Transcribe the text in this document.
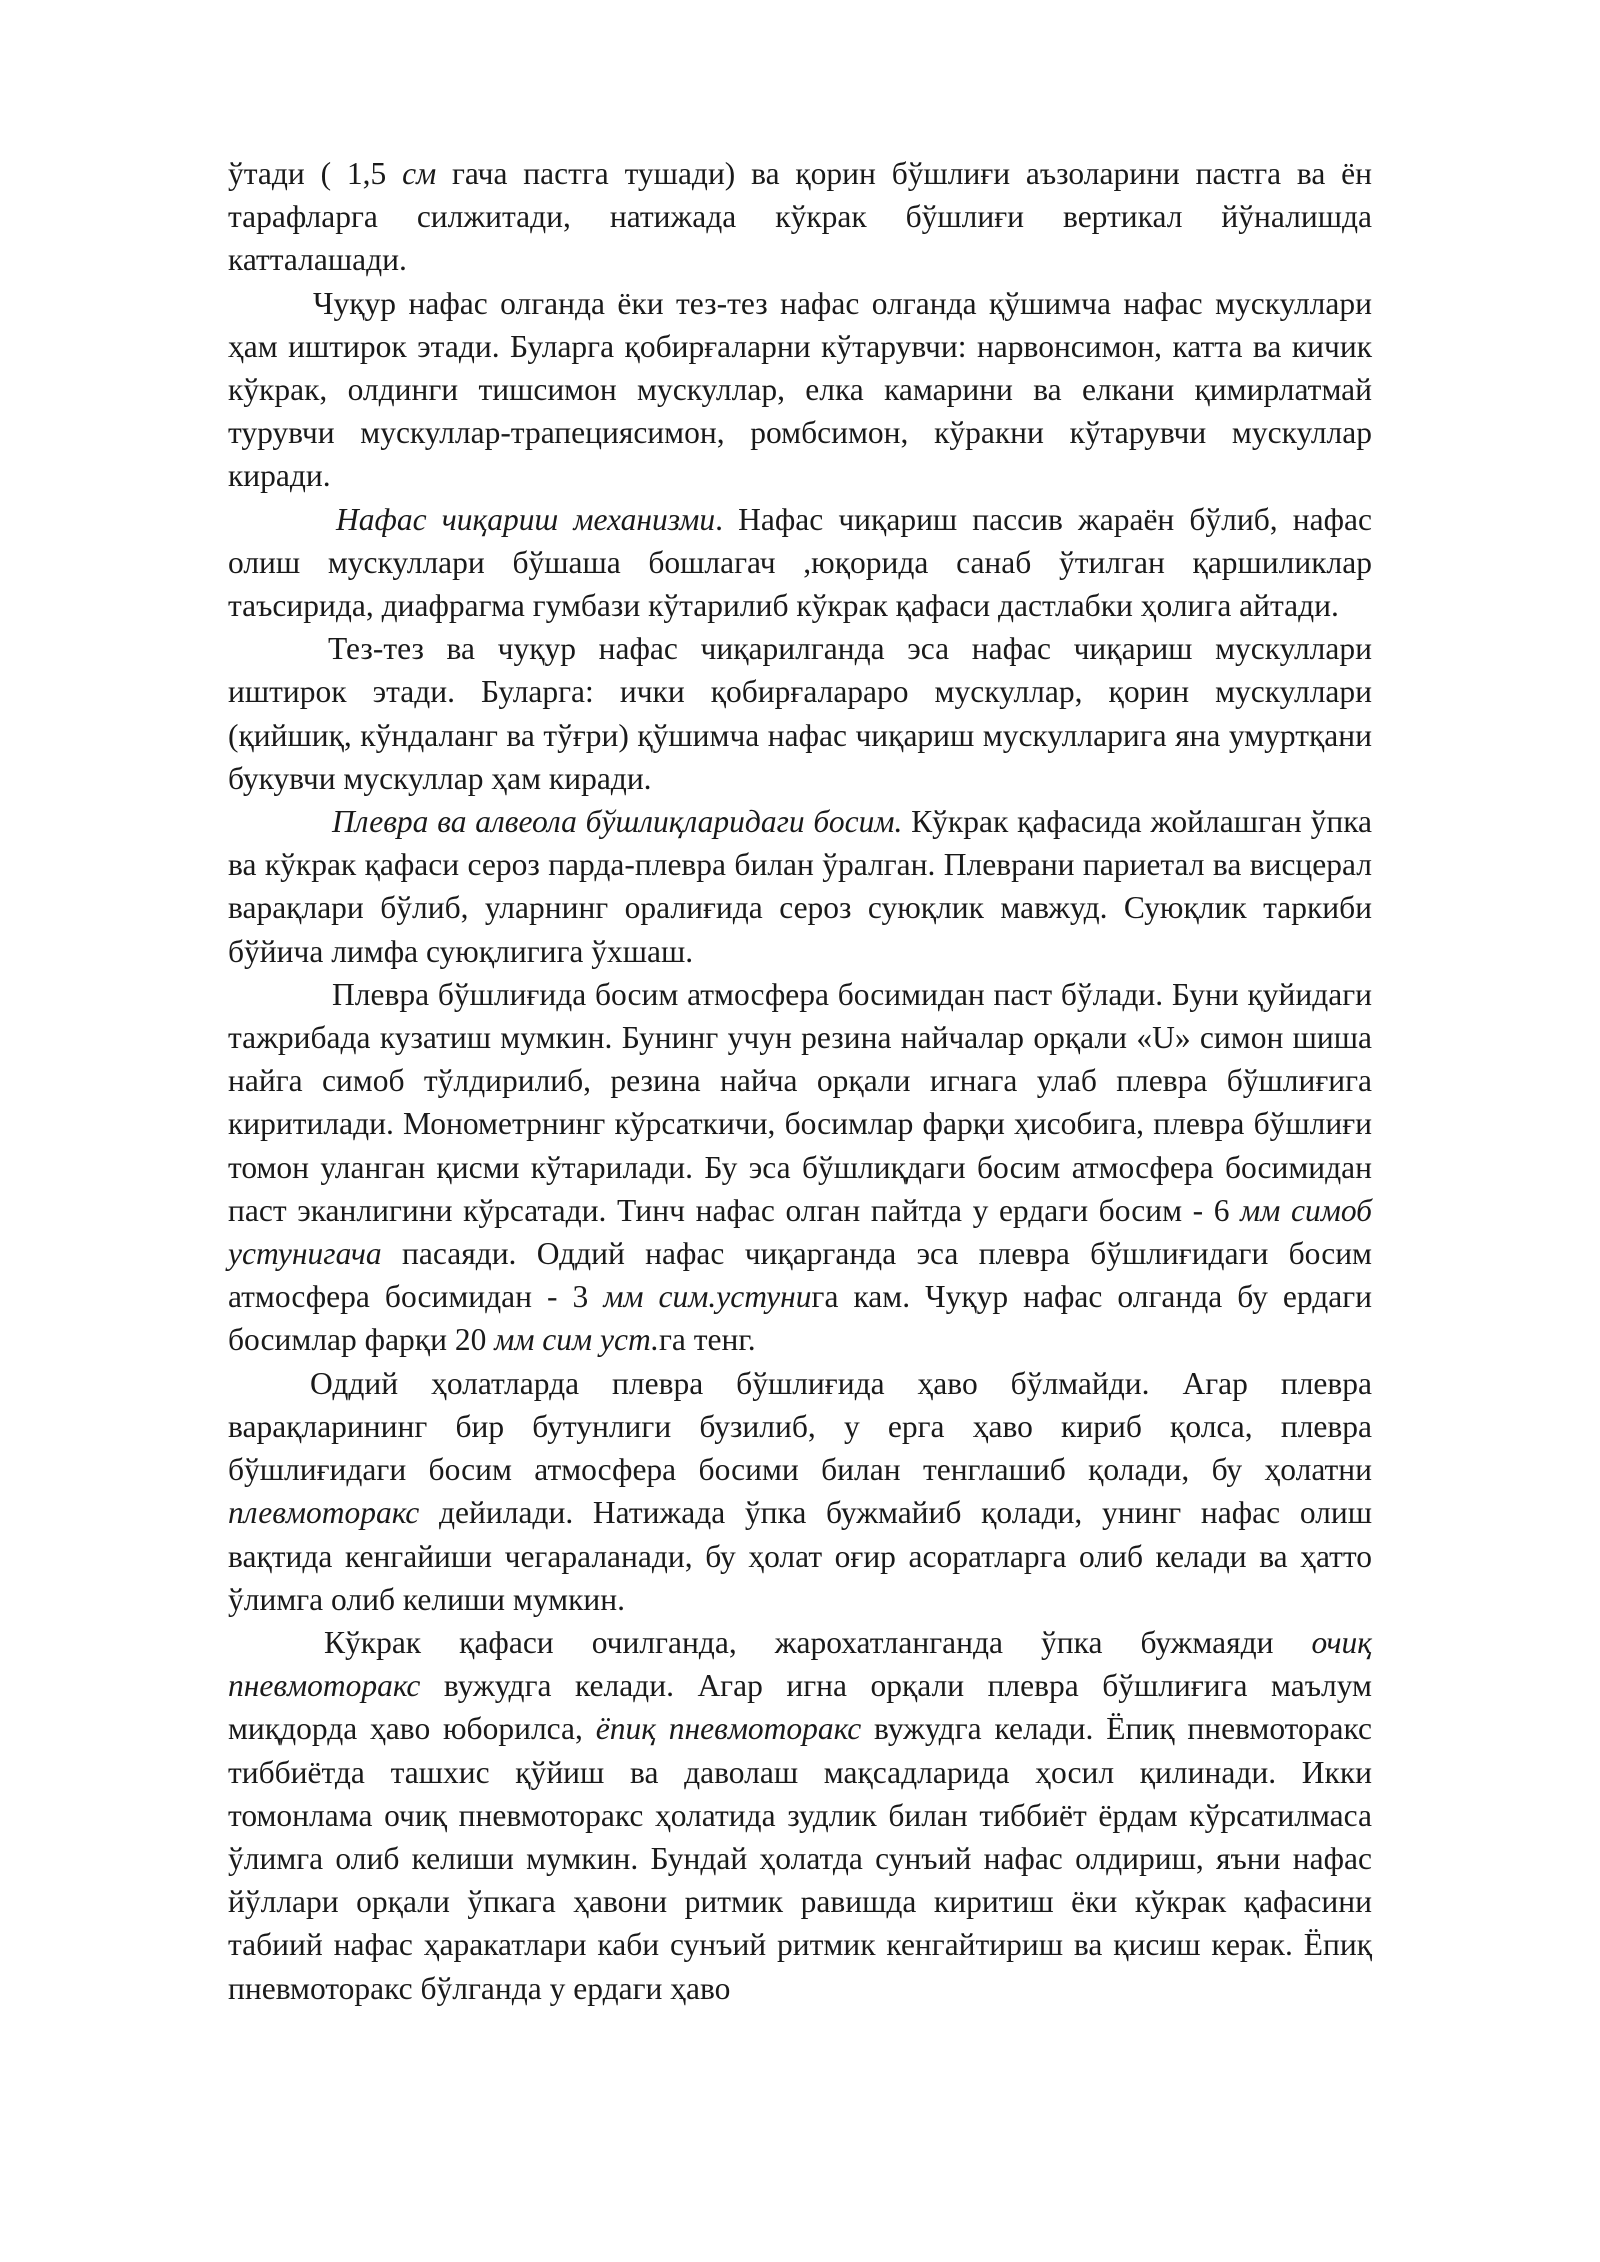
ўтади ( 1,5 см гача пастга тушади) ва қорин бўшлиғи аъзоларини пастга ва ён тарафларга силжитади, натижада кўкрак бўшлиғи вертикал йўналишда катталашади.

Чуқур нафас олганда ёки тез-тез нафас олганда қўшимча нафас мускуллари ҳам иштирок этади. Буларга қобирғаларни кўтарувчи: нарвонсимон, катта ва кичик кўкрак, олдинги тишсимон мускуллар, елка камарини ва елкани қимирлатмай турувчи мускуллар-трапециясимон, ромбсимон, кўракни кўтарувчи мускуллар киради.

Нафас чиқариш механизми. Нафас чиқариш пассив жараён бўлиб, нафас олиш мускуллари бўшаша бошлагач ,юқорида санаб ўтилган қаршиликлар таъсирида, диафрагма гумбази кўтарилиб кўкрак қафаси дастлабки ҳолига айтади.

Тез-тез ва чуқур нафас чиқарилганда эса нафас чиқариш мускуллари иштирок этади. Буларга: ички қобирғалараро мускуллар, қорин мускуллари (қийшиқ, кўндаланг ва тўғри) қўшимча нафас чиқариш мускулларига яна умуртқани букувчи мускуллар ҳам киради.

Плевра ва алвеола бўшлиқларидаги босим. Кўкрак қафасида жойлашган ўпка ва кўкрак қафаси сероз парда-плевра билан ўралган. Плеврани париетал ва висцерал варақлари бўлиб, уларнинг оралиғида сероз суюқлик мавжуд. Суюқлик таркиби бўйича лимфа суюқлигига ўхшаш.

Плевра бўшлиғида босим атмосфера босимидан паст бўлади. Буни қуйидаги тажрибада кузатиш мумкин. Бунинг учун резина найчалар орқали «U» симон шиша найга симоб тўлдирилиб, резина найча орқали игнага улаб плевра бўшлиғига киритилади. Монометрнинг кўрсаткичи, босимлар фарқи ҳисобига, плевра бўшлиғи томон уланган қисми кўтарилади. Бу эса бўшлиқдаги босим атмосфера босимидан паст эканлигини кўрсатади. Тинч нафас олган пайтда у ердаги босим - 6 мм симоб устунигача пасаяди. Оддий нафас чиқарганда эса плевра бўшлиғидаги босим атмосфера босимидан - 3 мм сим.устунига кам. Чуқур нафас олганда бу ердаги босимлар фарқи 20 мм сим уст.га тенг.

Оддий ҳолатларда плевра бўшлиғида ҳаво бўлмайди. Агар плевра варақларининг бир бутунлиги бузилиб, у ерга ҳаво кириб қолса, плевра бўшлиғидаги босим атмосфера босими билан тенглашиб қолади, бу ҳолатни плевмоторакс дейилади. Натижада ўпка бужмайиб қолади, унинг нафас олиш вақтида кенгайиши чегараланади, бу ҳолат оғир асоратларга олиб келади ва ҳатто ўлимга олиб келиши мумкин.

Кўкрак қафаси очилганда, жарохатланганда ўпка бужмаяди очиқ пневмоторакс вужудга келади. Агар игна орқали плевра бўшлиғига маълум миқдорда ҳаво юборилса, ёпиқ пневмоторакс вужудга келади. Ёпиқ пневмоторакс тиббиётда ташхис қўйиш ва даволаш мақсадларида ҳосил қилинади. Икки томонлама очиқ пневмоторакс ҳолатида зудлик билан тиббиёт ёрдам кўрсатилмаса ўлимга олиб келиши мумкин. Бундай ҳолатда сунъий нафас олдириш, яъни нафас йўллари орқали ўпкага ҳавони ритмик равишда киритиш ёки кўкрак қафасини табиий нафас ҳаракатлари каби сунъий ритмик кенгайтириш ва қисиш керак. Ёпиқ пневмоторакс бўлганда у ердаги ҳаво
